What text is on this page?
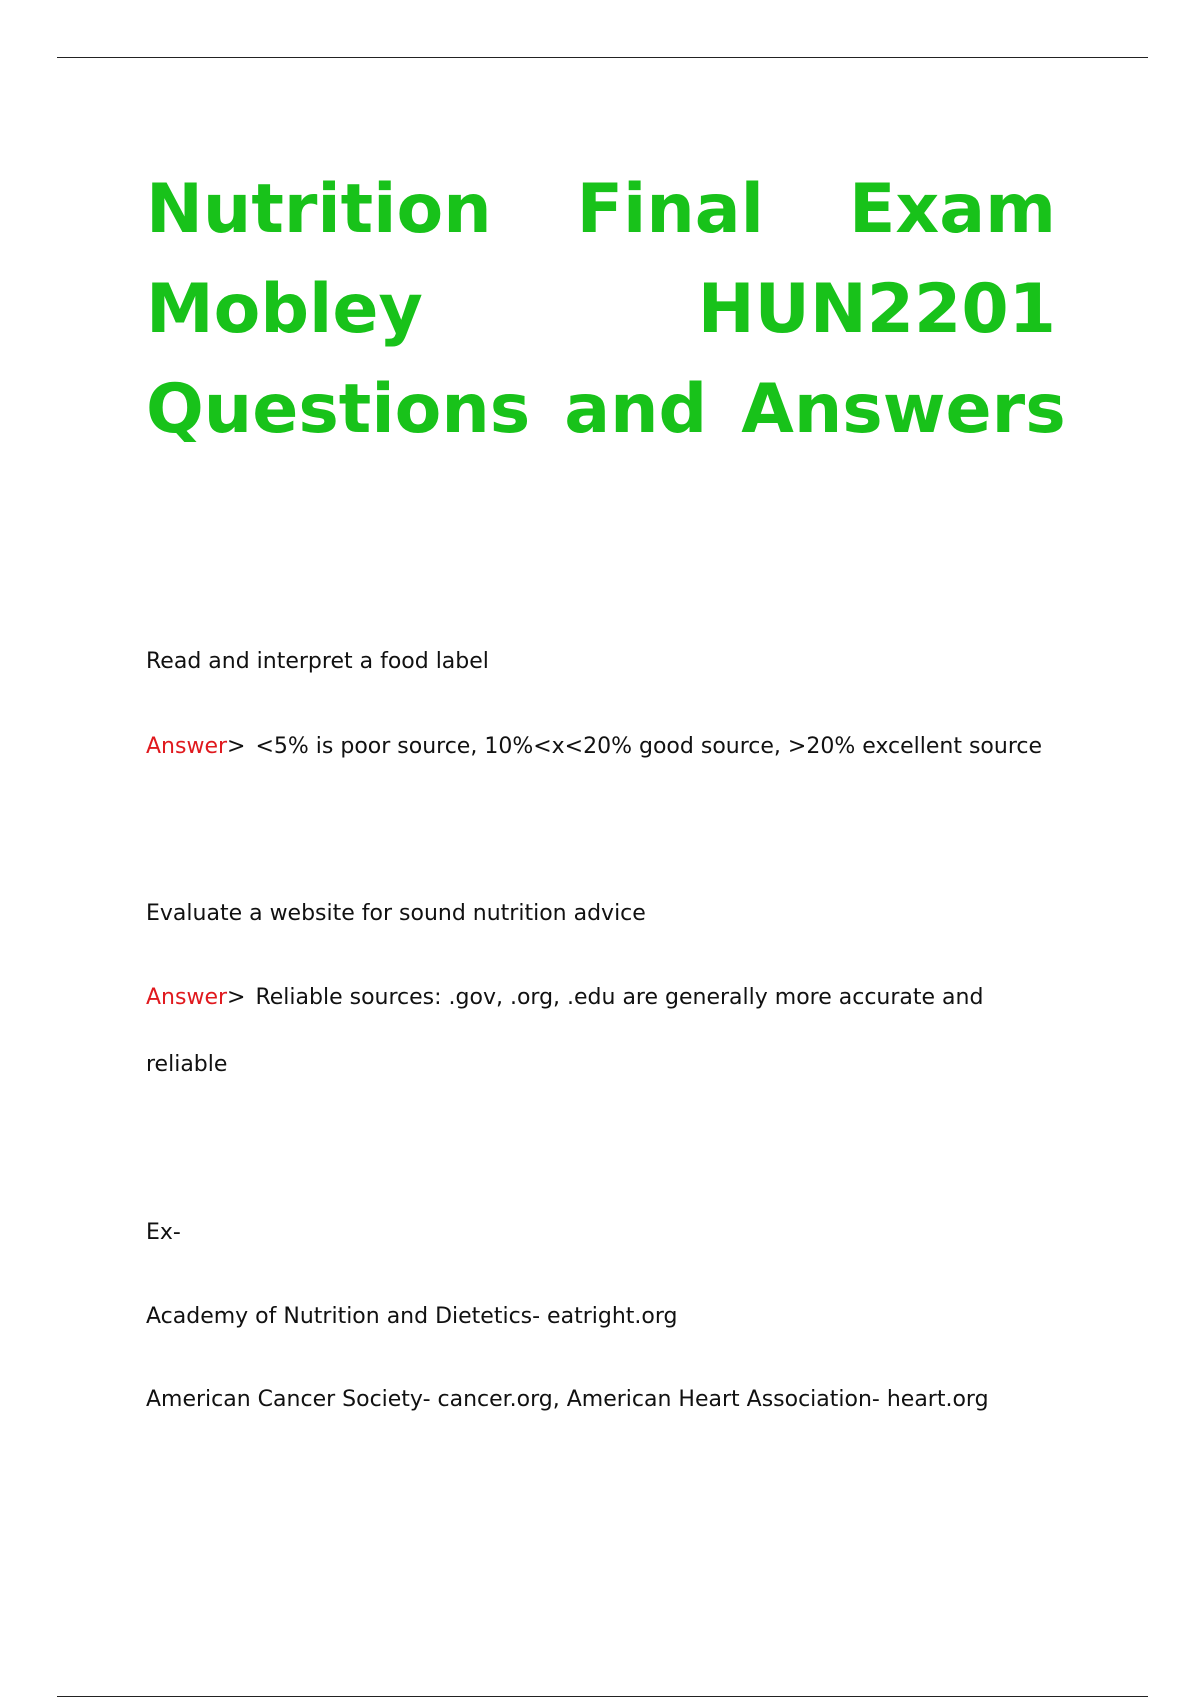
Nutrition Final Exam
Mobley	HUN2201
Questions and Answers

Read and interpret a food label

Answer> <5% is poor source, 10%<x<20% good source, >20% excellent source

Evaluate a website for sound nutrition advice

Answer> Reliable sources: .gov, .org, .edu are generally more accurate and

reliable

Ex-

Academy of Nutrition and Dietetics- eatright.org

American Cancer Society- cancer.org, American Heart Association- heart.org
